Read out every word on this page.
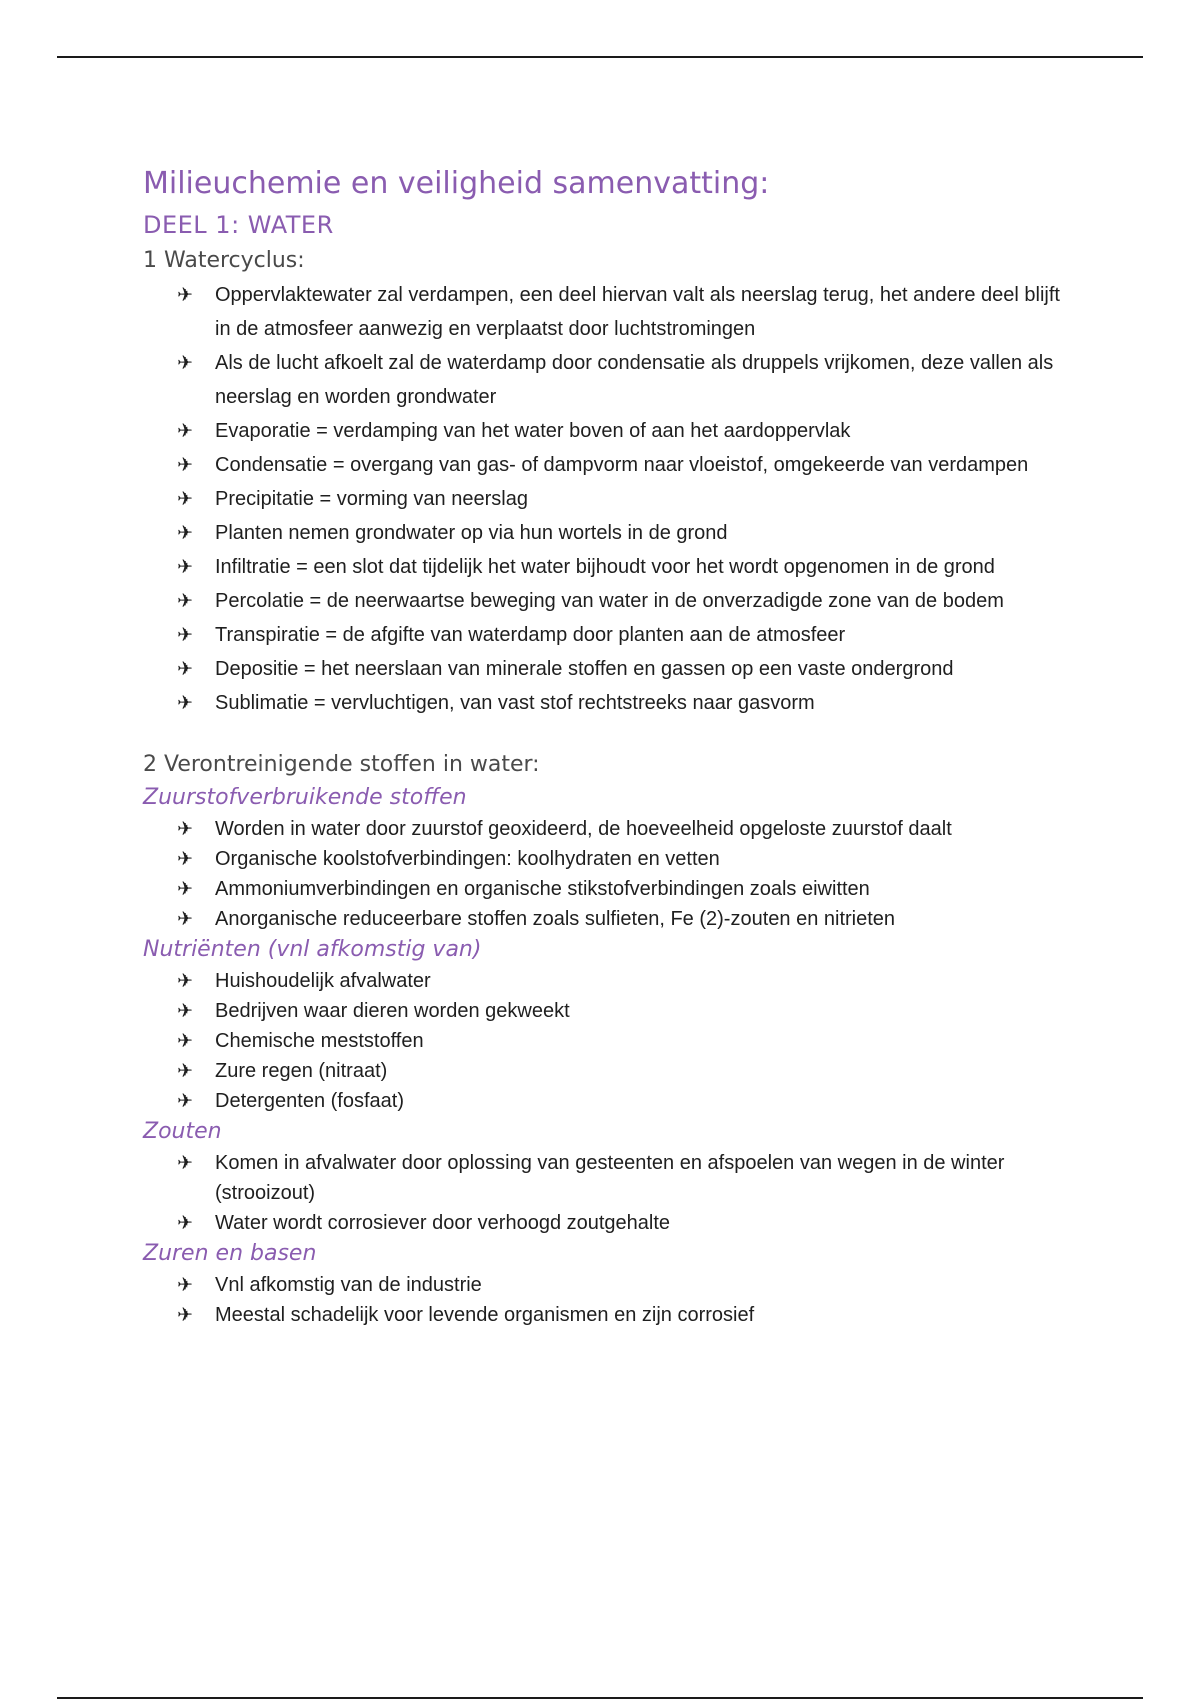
Milieuchemie en veiligheid samenvatting:
DEEL 1: WATER
1 Watercyclus:
✈ Oppervlaktewater zal verdampen, een deel hiervan valt als neerslag terug, het andere deel blijft in de atmosfeer aanwezig en verplaatst door luchtstromingen
✈ Als de lucht afkoelt zal de waterdamp door condensatie als druppels vrijkomen, deze vallen als neerslag en worden grondwater
✈ Evaporatie = verdamping van het water boven of aan het aardoppervlak
✈ Condensatie = overgang van gas- of dampvorm naar vloeistof, omgekeerde van verdampen
✈ Precipitatie = vorming van neerslag
✈ Planten nemen grondwater op via hun wortels in de grond
✈ Infiltratie = een slot dat tijdelijk het water bijhoudt voor het wordt opgenomen in de grond
✈ Percolatie = de neerwaartse beweging van water in de onverzadigde zone van de bodem
✈ Transpiratie = de afgifte van waterdamp door planten aan de atmosfeer
✈ Depositie = het neerslaan van minerale stoffen en gassen op een vaste ondergrond
✈ Sublimatie = vervluchtigen, van vast stof rechtstreeks naar gasvorm
2 Verontreinigende stoffen in water:
Zuurstofverbruikende stoffen
✈ Worden in water door zuurstof geoxideerd, de hoeveelheid opgeloste zuurstof daalt
✈ Organische koolstofverbindingen: koolhydraten en vetten
✈ Ammoniumverbindingen en organische stikstofverbindingen zoals eiwitten
✈ Anorganische reduceerbare stoffen zoals sulfieten, Fe (2)-zouten en nitrieten
Nutriënten (vnl afkomstig van)
✈ Huishoudelijk afvalwater
✈ Bedrijven waar dieren worden gekweekt
✈ Chemische meststoffen
✈ Zure regen (nitraat)
✈ Detergenten (fosfaat)
Zouten
✈ Komen in afvalwater door oplossing van gesteenten en afspoelen van wegen in de winter (strooizout)
✈ Water wordt corrosiever door verhoogd zoutgehalte
Zuren en basen
✈ Vnl afkomstig van de industrie
✈ Meestal schadelijk voor levende organismen en zijn corrosief
